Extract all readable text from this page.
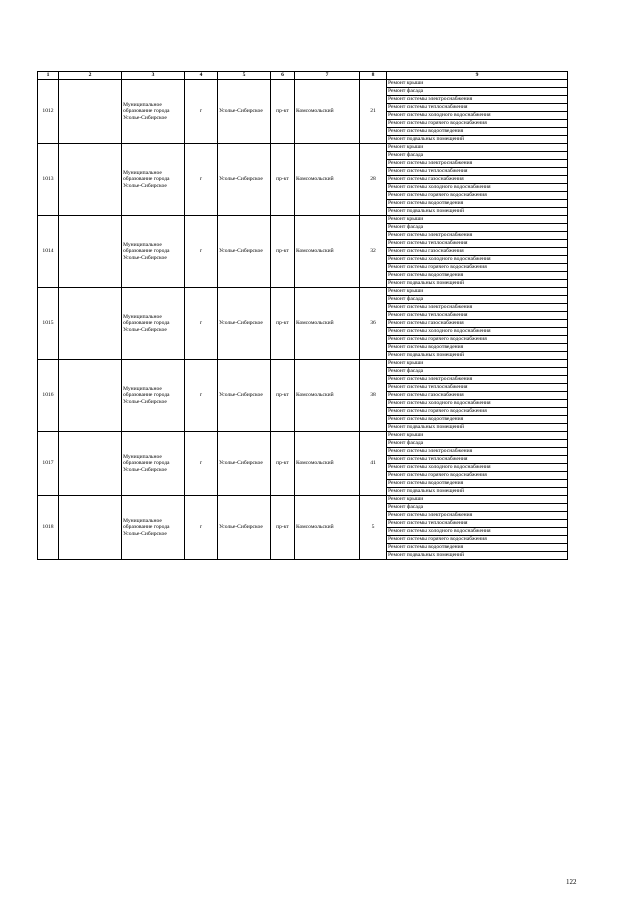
1	2	3	4	5	6	7	8	9
1012		Муниципальное образование города Усолье-Сибирское	г	Усолье-Сибирское	пр-кт	Комсомольский	21	Ремонт крыши
								Ремонт фасада
								Ремонт системы электроснабжения
								Ремонт системы теплоснабжения
								Ремонт системы холодного водоснабжения
								Ремонт системы горячего водоснабжения
								Ремонт системы водоотведения
								Ремонт подвальных помещений
1013		Муниципальное образование города Усолье-Сибирское	г	Усолье-Сибирское	пр-кт	Комсомольский	28	Ремонт крыши
								Ремонт фасада
								Ремонт системы электроснабжения
								Ремонт системы теплоснабжения
								Ремонт системы газоснабжения
								Ремонт системы холодного водоснабжения
								Ремонт системы горячего водоснабжения
								Ремонт системы водоотведения
								Ремонт подвальных помещений
1014		Муниципальное образование города Усолье-Сибирское	г	Усолье-Сибирское	пр-кт	Комсомольский	32	Ремонт крыши
								Ремонт фасада
								Ремонт системы электроснабжения
								Ремонт системы теплоснабжения
								Ремонт системы газоснабжения
								Ремонт системы холодного водоснабжения
								Ремонт системы горячего водоснабжения
								Ремонт системы водоотведения
								Ремонт подвальных помещений
1015		Муниципальное образование города Усолье-Сибирское	г	Усолье-Сибирское	пр-кт	Комсомольский	36	Ремонт крыши
								Ремонт фасада
								Ремонт системы электроснабжения
								Ремонт системы теплоснабжения
								Ремонт системы газоснабжения
								Ремонт системы холодного водоснабжения
								Ремонт системы горячего водоснабжения
								Ремонт системы водоотведения
								Ремонт подвальных помещений
1016		Муниципальное образование города Усолье-Сибирское	г	Усолье-Сибирское	пр-кт	Комсомольский	38	Ремонт крыши
								Ремонт фасада
								Ремонт системы электроснабжения
								Ремонт системы теплоснабжения
								Ремонт системы газоснабжения
								Ремонт системы холодного водоснабжения
								Ремонт системы горячего водоснабжения
								Ремонт системы водоотведения
								Ремонт подвальных помещений
1017		Муниципальное образование города Усолье-Сибирское	г	Усолье-Сибирское	пр-кт	Комсомольский	41	Ремонт крыши
								Ремонт фасада
								Ремонт системы электроснабжения
								Ремонт системы теплоснабжения
								Ремонт системы холодного водоснабжения
								Ремонт системы горячего водоснабжения
								Ремонт системы водоотведения
								Ремонт подвальных помещений
1018		Муниципальное образование города Усолье-Сибирское	г	Усолье-Сибирское	пр-кт	Комсомольский	5	Ремонт крыши
								Ремонт фасада
								Ремонт системы электроснабжения
								Ремонт системы теплоснабжения
								Ремонт системы холодного водоснабжения
								Ремонт системы горячего водоснабжения
								Ремонт системы водоотведения
								Ремонт подвальных помещений
122
